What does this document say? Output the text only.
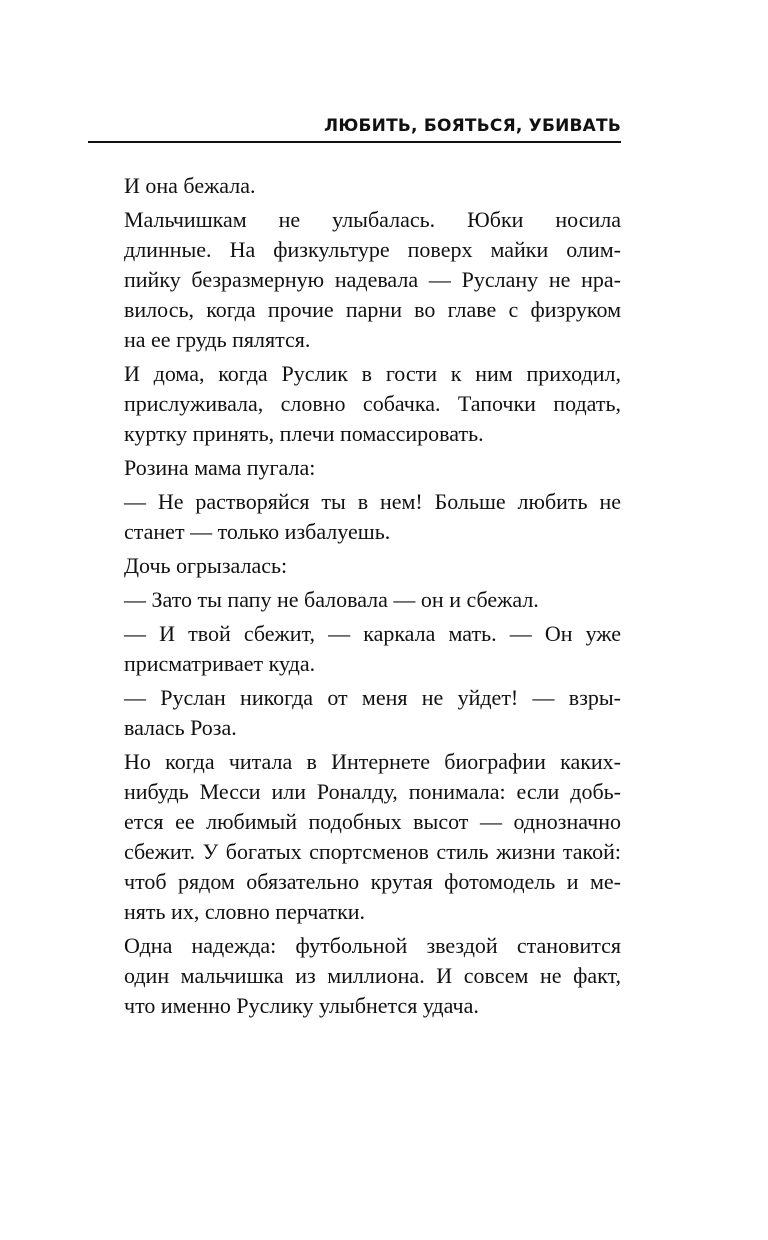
ЛЮБИТЬ, БОЯТЬСЯ, УБИВАТЬ
И она бежала.
Мальчишкам не улыбалась. Юбки носила
длинные. На физкультуре поверх майки олим-
пийку безразмерную надевала — Руслану не нра-
вилось, когда прочие парни во главе с физруком
на ее грудь пялятся.
И дома, когда Руслик в гости к ним приходил,
прислуживала, словно собачка. Тапочки подать,
куртку принять, плечи помассировать.
Розина мама пугала:
— Не растворяйся ты в нем! Больше любить не
станет — только избалуешь.
Дочь огрызалась:
— Зато ты папу не баловала — он и сбежал.
— И твой сбежит, — каркала мать. — Он уже
присматривает куда.
— Руслан никогда от меня не уйдет! — взры-
валась Роза.
Но когда читала в Интернете биографии каких-
нибудь Месси или Роналду, понимала: если добь-
ется ее любимый подобных высот — однозначно
сбежит. У богатых спортсменов стиль жизни такой:
чтоб рядом обязательно крутая фотомодель и ме-
нять их, словно перчатки.
Одна надежда: футбольной звездой становится
один мальчишка из миллиона. И совсем не факт,
что именно Руслику улыбнется удача.
